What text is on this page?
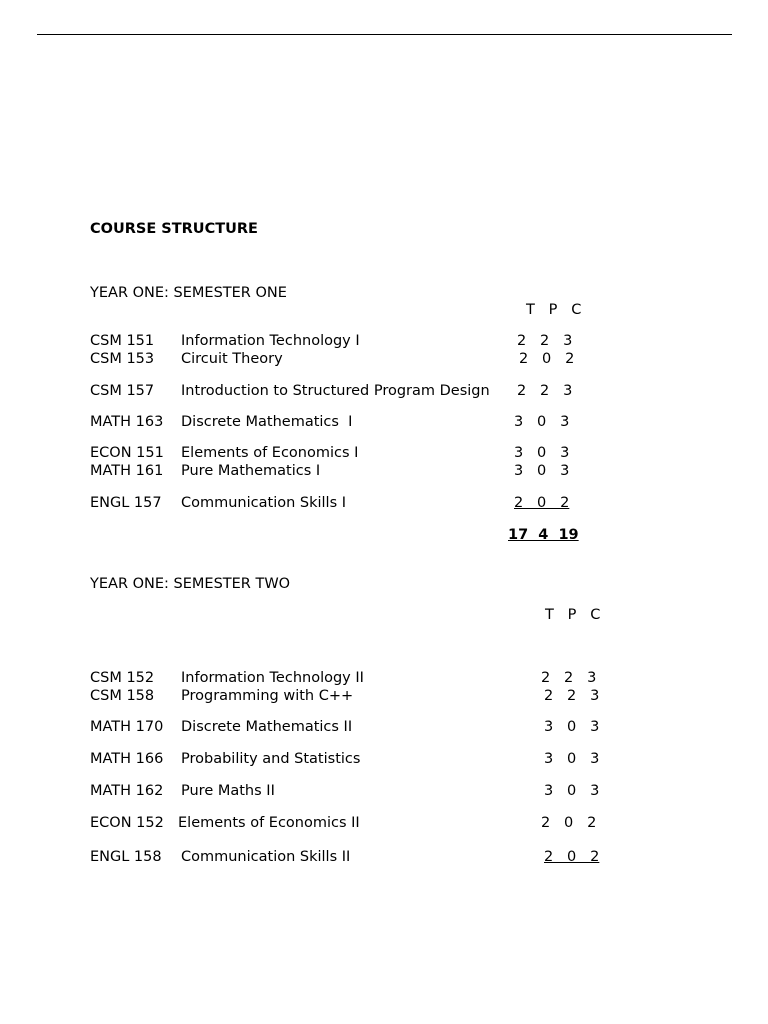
COURSE STRUCTURE
YEAR ONE: SEMESTER ONE
T   P   C
CSM 151 Information Technology I	2   2   3
CSM 153 Circuit Theory	2   0   2
CSM 157 Introduction to Structured Program Design 2   2   3
MATH 163 Discrete Mathematics  I	3   0   3
ECON 151 Elements of Economics I	3   0   3
MATH 161 Pure Mathematics I	3   0   3
ENGL 157 Communication Skills I	2   0   2
17  4  19
YEAR ONE: SEMESTER TWO
T   P   C
CSM 152 Information Technology II	2   2   3
CSM 158 Programming with C++	2   2   3
MATH 170 Discrete Mathematics II	3   0   3
MATH 166 Probability and Statistics	3   0   3
MATH 162 Pure Maths II	3   0   3
ECON 152 Elements of Economics II	2   0   2
ENGL 158 Communication Skills II	2   0   2
